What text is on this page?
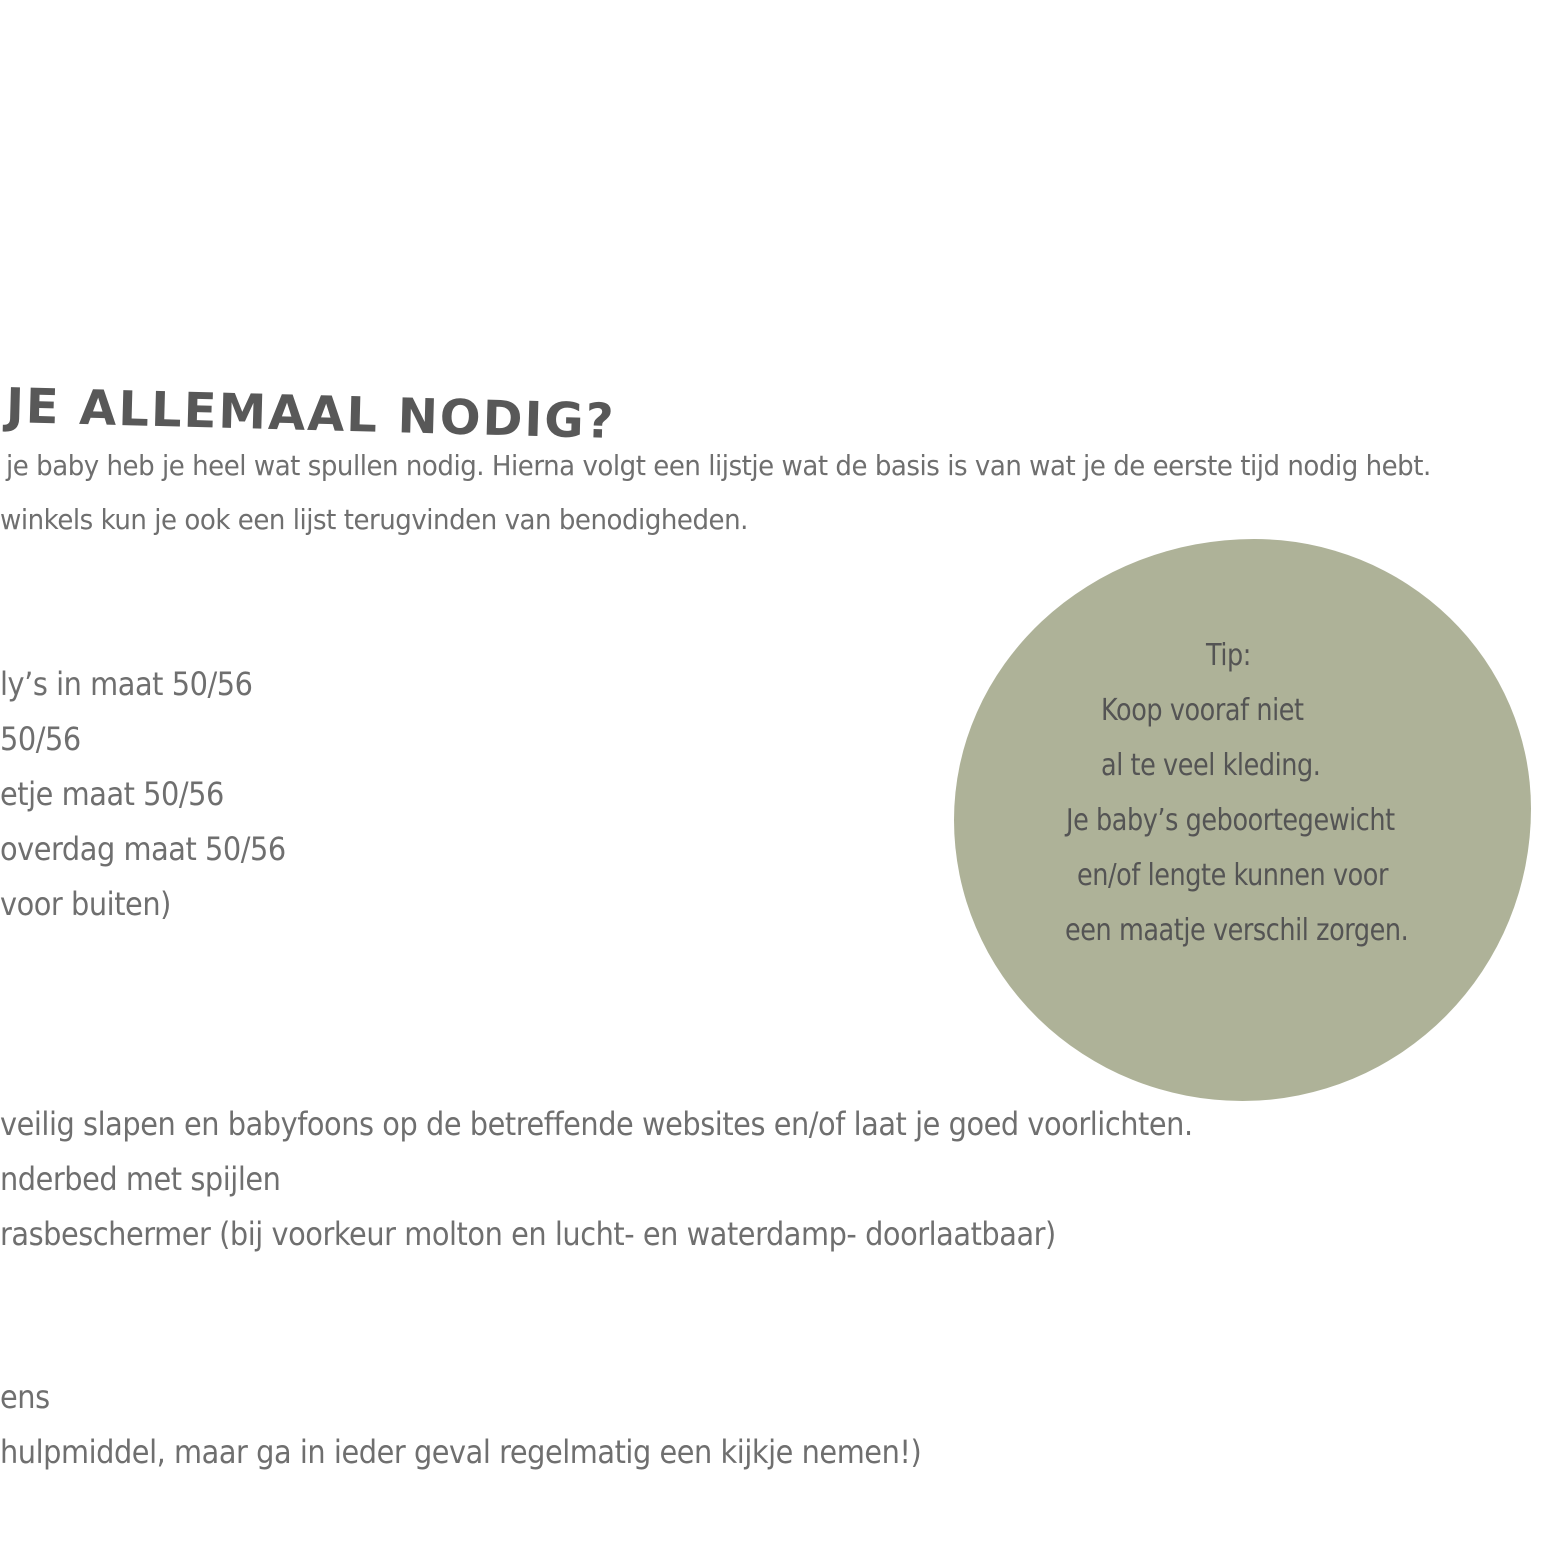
JE ALLEMAAL NODIG?

je baby heb je heel wat spullen nodig. Hierna volgt een lijstje wat de basis is van wat je de eerste tijd nodig hebt.

winkels kun je ook een lijst terugvinden van benodigheden.

ly’s in maat 50/56

50/56

etje maat 50/56

overdag maat 50/56

voor buiten)

Tip:

Koop vooraf niet

al te veel kleding.

Je baby’s geboortegewicht

en/of lengte kunnen voor

een maatje verschil zorgen.

veilig slapen en babyfoons op de betreffende websites en/of laat je goed voorlichten.

nderbed met spijlen

rasbeschermer (bij voorkeur molton en lucht- en waterdamp- doorlaatbaar)

ens

hulpmiddel, maar ga in ieder geval regelmatig een kijkje nemen!)
